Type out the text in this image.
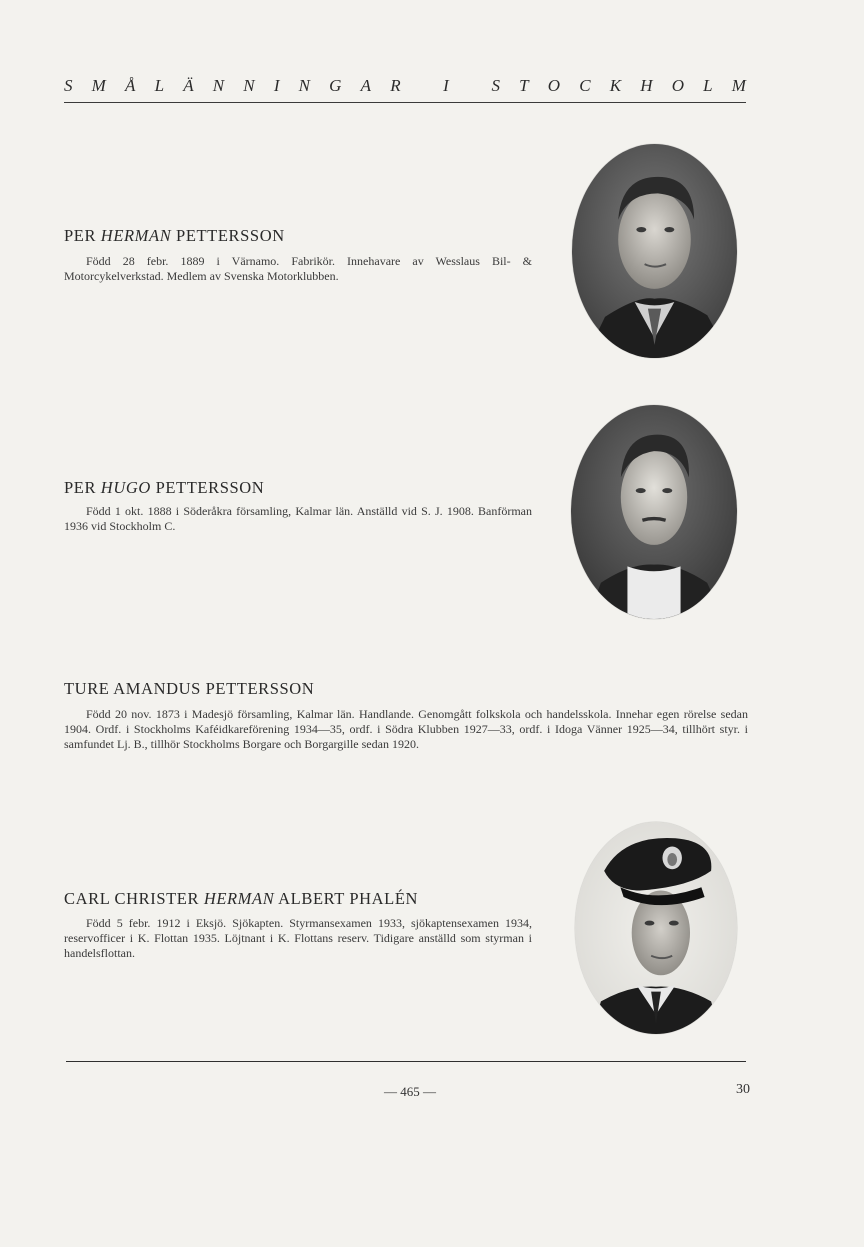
S M Å L Ä N N I N G A R
	I
	S T O C K H O L M
PER HERMAN PETTERSSON

Född 28 febr. 1889 i Värnamo. Fabrikör. Innehavare av Wesslaus Bil- & Motorcykelverkstad. Medlem av Svenska Motorklubben.

PER HUGO PETTERSSON

Född 1 okt. 1888 i Söderåkra församling, Kalmar län. Anställd vid S. J. 1908. Banförman 1936 vid Stockholm C.

TURE AMANDUS PETTERSSON

Född 20 nov. 1873 i Madesjö församling, Kalmar län. Handlande. Genomgått folkskola och handelsskola. Innehar egen rörelse sedan 1904. Ordf. i Stockholms Kaféidkareförening 1934—35, ordf. i Södra Klubben 1927—33, ordf. i Idoga Vänner 1925—34, tillhört styr. i samfundet Lj. B., tillhör Stockholms Borgare och Borgargille sedan 1920.

CARL CHRISTER HERMAN ALBERT PHALÉN

Född 5 febr. 1912 i Eksjö. Sjökapten. Styrmansexamen 1933, sjökaptensexamen 1934, reservofficer i K. Flottan 1935. Löjtnant i K. Flottans reserv. Tidigare anställd som styrman i handelsflottan.

— 465 —	30
